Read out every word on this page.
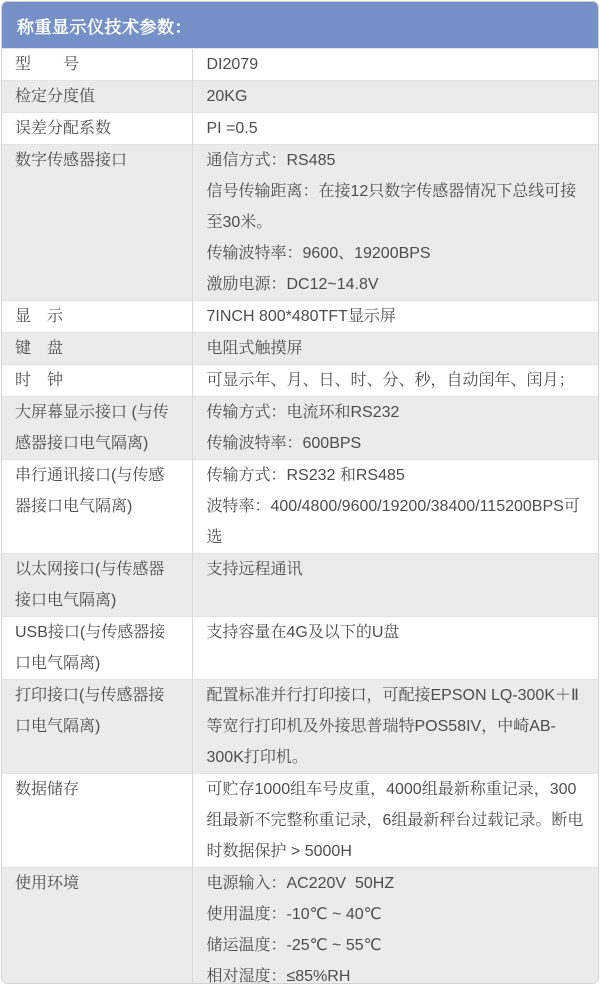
称重显示仪技术参数：
型　　号	DI2079

检定分度值	20KG

误差分配系数	PI =0.5

数字传感器接口	通信方式：RS485
信号传输距离：在接12只数字传感器情况下总线可接至30米。
传输波特率：9600、19200BPS
激励电源：DC12~14.8V

显　示	7INCH 800*480TFT显示屏

键　盘	电阻式触摸屏

时　钟	可显示年、月、日、时、分、秒，自动闰年、闰月；

大屏幕显示接口 (与传感器接口电气隔离)	传输方式：电流环和RS232
传输波特率：600BPS

串行通讯接口(与传感器接口电气隔离)	传输方式：RS232 和RS485
波特率：400/4800/9600/19200/38400/115200BPS可选

以太网接口(与传感器接口电气隔离)	支持远程通讯

USB接口(与传感器接口电气隔离)	支持容量在4G及以下的U盘

打印接口(与传感器接口电气隔离)	配置标准并行打印接口，可配接EPSON LQ-300K＋Ⅱ等宽行打印机及外接思普瑞特POS58IV，中崎AB-300K打印机。

数据储存	可贮存1000组车号皮重，4000组最新称重记录，300组最新不完整称重记录，6组最新秤台过载记录。断电时数据保护 > 5000H

使用环境	电源输入：AC220V  50HZ
使用温度：-10℃ ~ 40℃
储运温度：-25℃ ~ 55℃
相对湿度：≤85%RH
